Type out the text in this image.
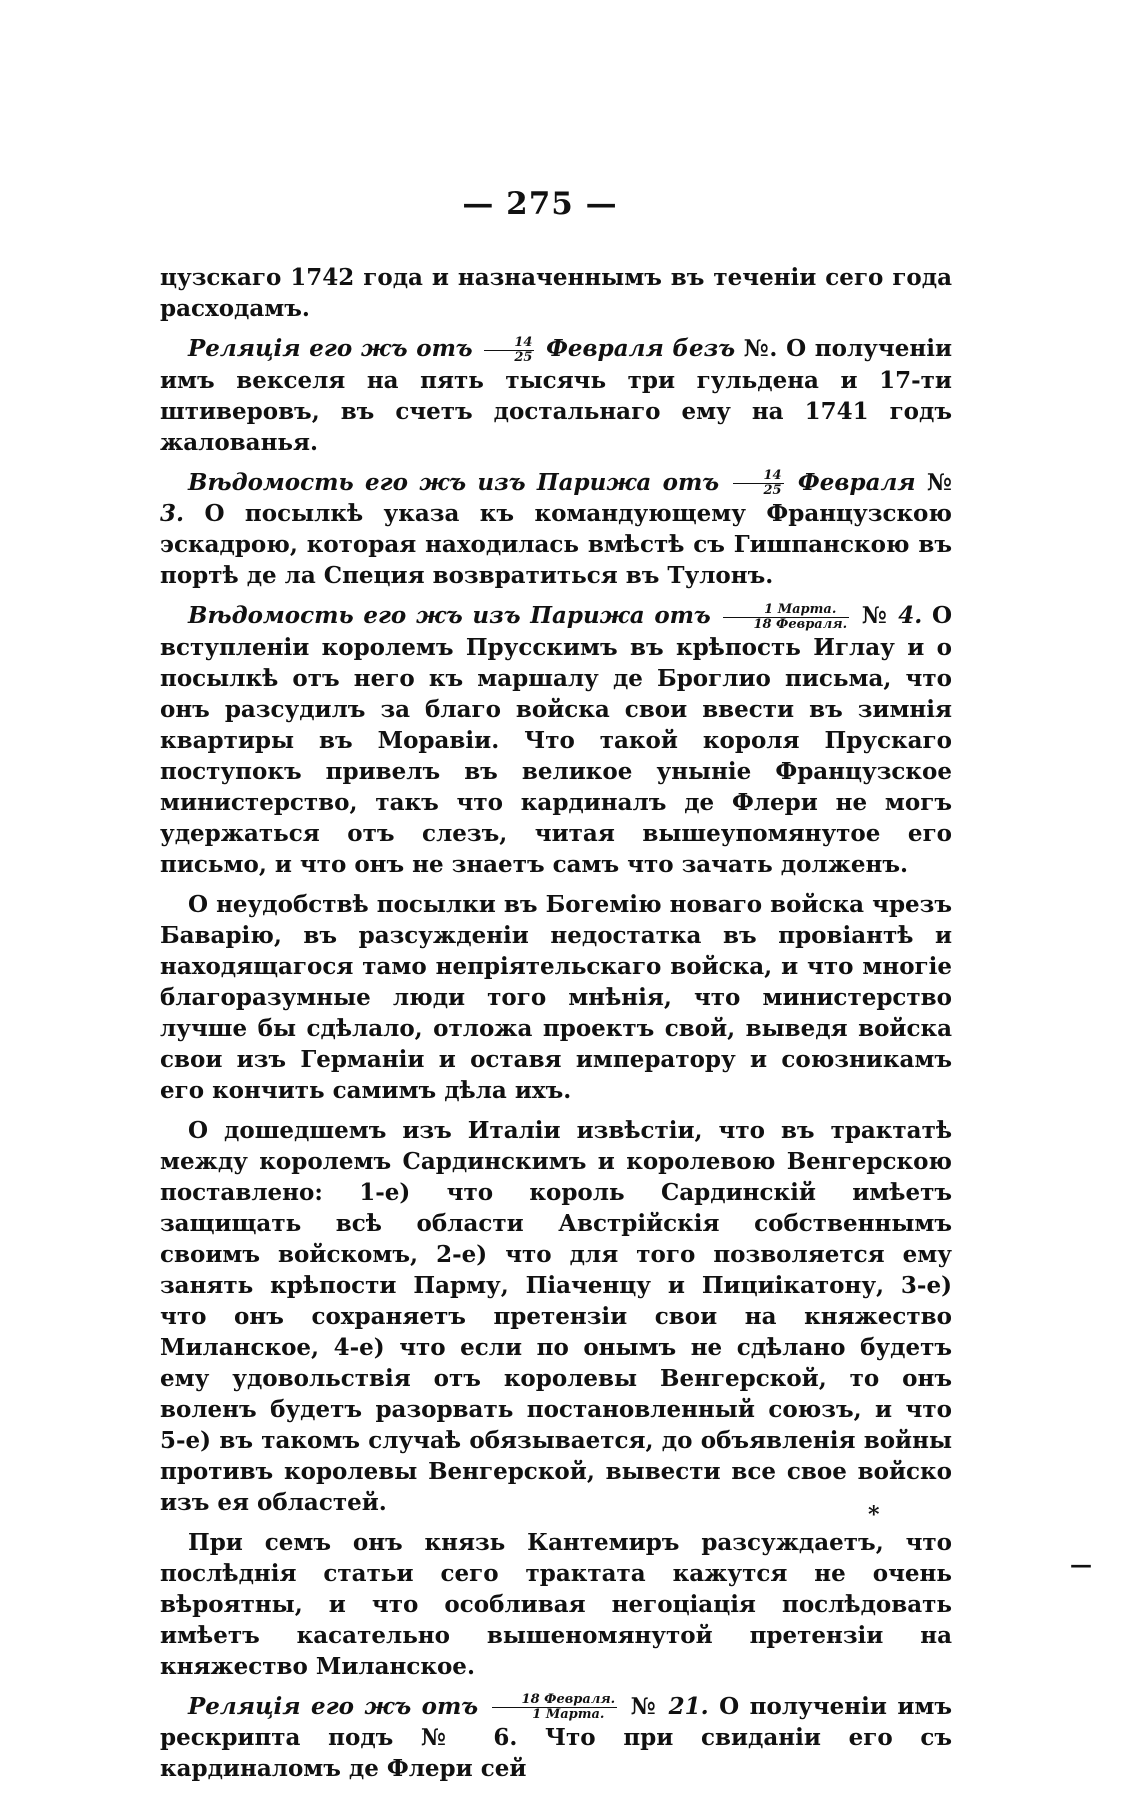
— 275 —

цузскаго 1742 года и назначеннымъ въ теченіи сего года расходамъ.

Реляція его жъ отъ $\frac{14}{25}$ Февраля безъ №. О полученіи имъ векселя на пять тысячь три гульдена и 17-ти штиверовъ, въ счетъ достальнаго ему на 1741 годъ жалованья.

Вѣдомость его жъ изъ Парижа отъ $\frac{14}{25}$ Февраля № 3. О посылкѣ указа къ командующему Французскою эскадрою, которая находилась вмѣстѣ съ Гишпанскою въ портѣ де ла Специя возвратиться въ Тулонъ.

Вѣдомость его жъ изъ Парижа отъ $\frac{\text{1 Марта.}}{\text{18 Февраля.}}$ № 4. О вступленіи королемъ Прусскимъ въ крѣпость Иглау и о посылкѣ отъ него къ маршалу де Броглио письма, что онъ разсудилъ за благо войска свои ввести въ зимнія квартиры въ Моравіи. Что такой короля Прускаго поступокъ привелъ въ великое уныніе Французское министерство, такъ что кардиналъ де Флери не могъ удержаться отъ слезъ, читая вышеупомянутое его письмо, и что онъ не знаетъ самъ что зачать долженъ.

О неудобствѣ посылки въ Богемію новаго войска чрезъ Баварію, въ разсужденіи недостатка въ провіантѣ и находящагося тамо непріятельскаго войска, и что многіе благоразумные люди того мнѣнія, что министерство лучше бы сдѣлало, отложа проектъ свой, выведя войска свои изъ Германіи и оставя императору и союзникамъ его кончить самимъ дѣла ихъ.

О дошедшемъ изъ Италіи извѣстіи, что въ трактатѣ между королемъ Сардинскимъ и королевою Венгерскою поставлено: 1-е) что король Сардинскій имѣетъ защищать всѣ области Австрійскія собственнымъ своимъ войскомъ, 2-е) что для того позволяется ему занять крѣпости Парму, Піаченцу и Пициікатону, 3-е) что онъ сохраняетъ претензіи свои на княжество Миланское, 4-е) что если по онымъ не сдѣлано будетъ ему удовольствія отъ королевы Венгерской, то онъ воленъ будетъ разорвать постановленный союзъ, и что 5-е) въ такомъ случаѣ обязывается, до объявленія войны противъ королевы Венгерской, вывести все свое войско изъ ея областей.

При семъ онъ князь Кантемиръ разсуждаетъ, что послѣднія статьи сего трактата кажутся не очень вѣроятны, и что особливая негоціація послѣдовать имѣетъ касательно вышеномянутой претензіи на княжество Миланское.

Реляція его жъ отъ $\frac{\text{18 Февраля.}}{\text{1 Марта.}}$ № 21. О полученіи имъ рескрипта подъ № 6. Что при свиданіи его съ кардиналомъ де Флери сей

*
—
